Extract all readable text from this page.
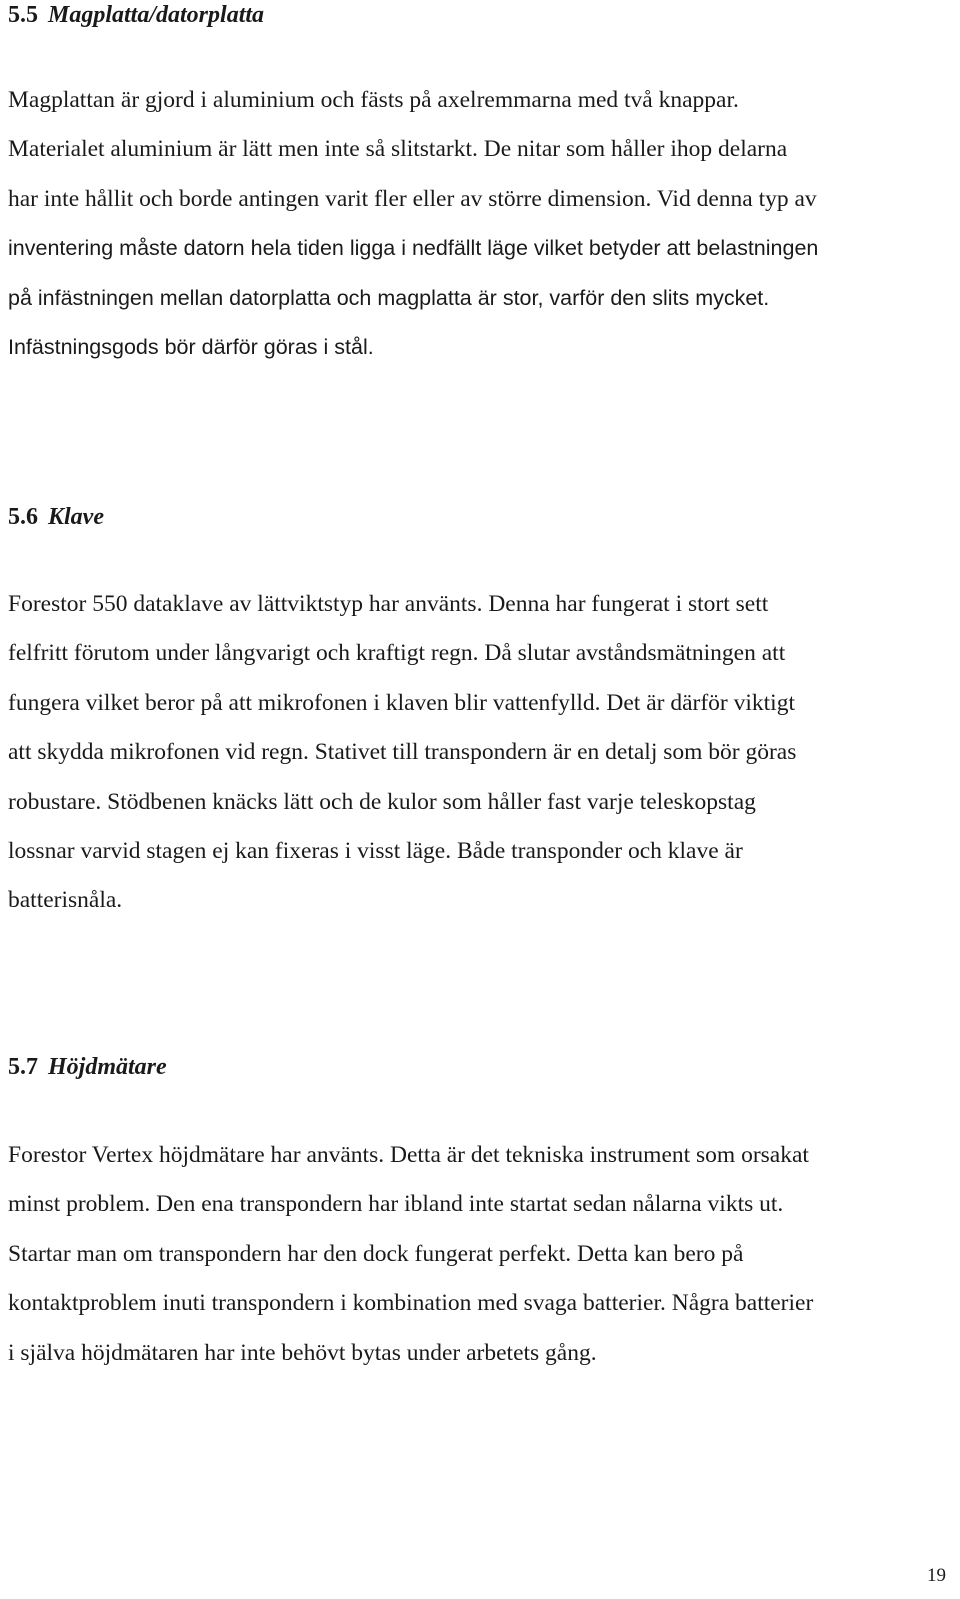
5.5 Magplatta/datorplatta
Magplattan är gjord i aluminium och fästs på axelremmarna med två knappar.
Materialet aluminium är lätt men inte så slitstarkt. De nitar som håller ihop delarna
har inte hållit och borde antingen varit fler eller av större dimension. Vid denna typ av
inventering måste datorn hela tiden ligga i nedfällt läge vilket betyder att belastningen
på infästningen mellan datorplatta och magplatta är stor, varför den slits mycket.
Infästningsgods bör därför göras i stål.
5.6 Klave
Forestor 550 dataklave av lättviktstyp har använts. Denna har fungerat i stort sett
felfritt förutom under långvarigt och kraftigt regn. Då slutar avståndsmätningen att
fungera vilket beror på att mikrofonen i klaven blir vattenfylld. Det är därför viktigt
att skydda mikrofonen vid regn. Stativet till transpondern är en detalj som bör göras
robustare. Stödbenen knäcks lätt och de kulor som håller fast varje teleskopstag
lossnar varvid stagen ej kan fixeras i visst läge. Både transponder och klave är
batterisnåla.
5.7 Höjdmätare
Forestor Vertex höjdmätare har använts. Detta är det tekniska instrument som orsakat
minst problem. Den ena transpondern har ibland inte startat sedan nålarna vikts ut.
Startar man om transpondern har den dock fungerat perfekt. Detta kan bero på
kontaktproblem inuti transpondern i kombination med svaga batterier. Några batterier
i själva höjdmätaren har inte behövt bytas under arbetets gång.
19
